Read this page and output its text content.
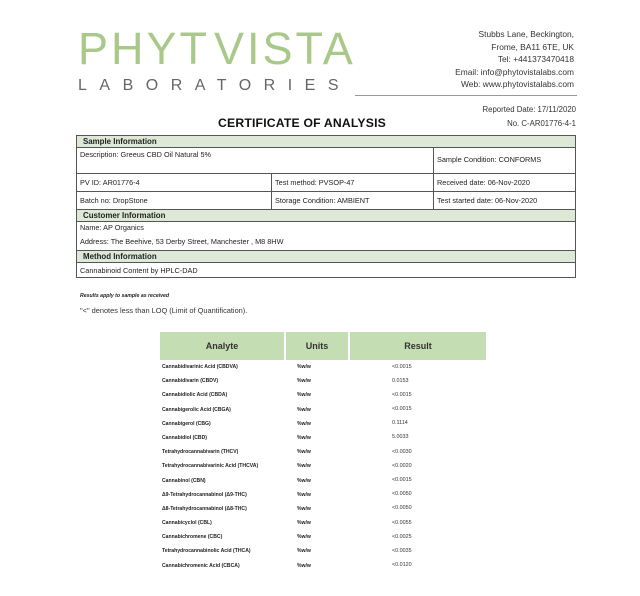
PHYT VISTA
LABORATORIES
Stubbs Lane, Beckington,
Frome, BA11 6TE, UK
Tel: +441373470418
Email: info@phytovistalabs.com
Web: www.phytovistalabs.com
Reported Date: 17/11/2020
No. C-AR01776-4-1
CERTIFICATE OF ANALYSIS
Sample Information
Description: Greeus CBD Oil Natural 5%
Sample Condition: CONFORMS
PV ID: AR01776-4	Test method: PVSOP-47	Received date: 06-Nov-2020
Batch no: DropStone	Storage Condition: AMBIENT	Test started date: 06-Nov-2020
Customer Information
Name: AP Organics
Address: The Beehive, 53 Derby Street, Manchester , M8 8HW
Method Information
Cannabinoid Content by HPLC-DAD
Results apply to sample as received
"<" denotes less than LOQ (Limit of Quantification).
Analyte	Units	Result
Cannabidivarinic Acid (CBDVA)	%w/w	<0.0015
Cannabidivarin (CBDV)	%w/w	0.0153
Cannabidiolic Acid (CBDA)	%w/w	<0.0015
Cannabigerolic Acid (CBGA)	%w/w	<0.0015
Cannabigerol (CBG)	%w/w	0.1114
Cannabidiol (CBD)	%w/w	5.0033
Tetrahydrocannabivarin (THCV)	%w/w	<0.0030
Tetrahydrocannabivarinic Acid (THCVA)	%w/w	<0.0020
Cannabinol (CBN)	%w/w	<0.0015
Δ9-Tetrahydrocannabinol (Δ9-THC)	%w/w	<0.0050
Δ8-Tetrahydrocannabinol (Δ8-THC)	%w/w	<0.0050
Cannabicyclol (CBL)	%w/w	<0.0055
Cannabichromene (CBC)	%w/w	<0.0025
Tetrahydrocannabinolic Acid (THCA)	%w/w	<0.0035
Cannabichromenic Acid (CBCA)	%w/w	<0.0120
